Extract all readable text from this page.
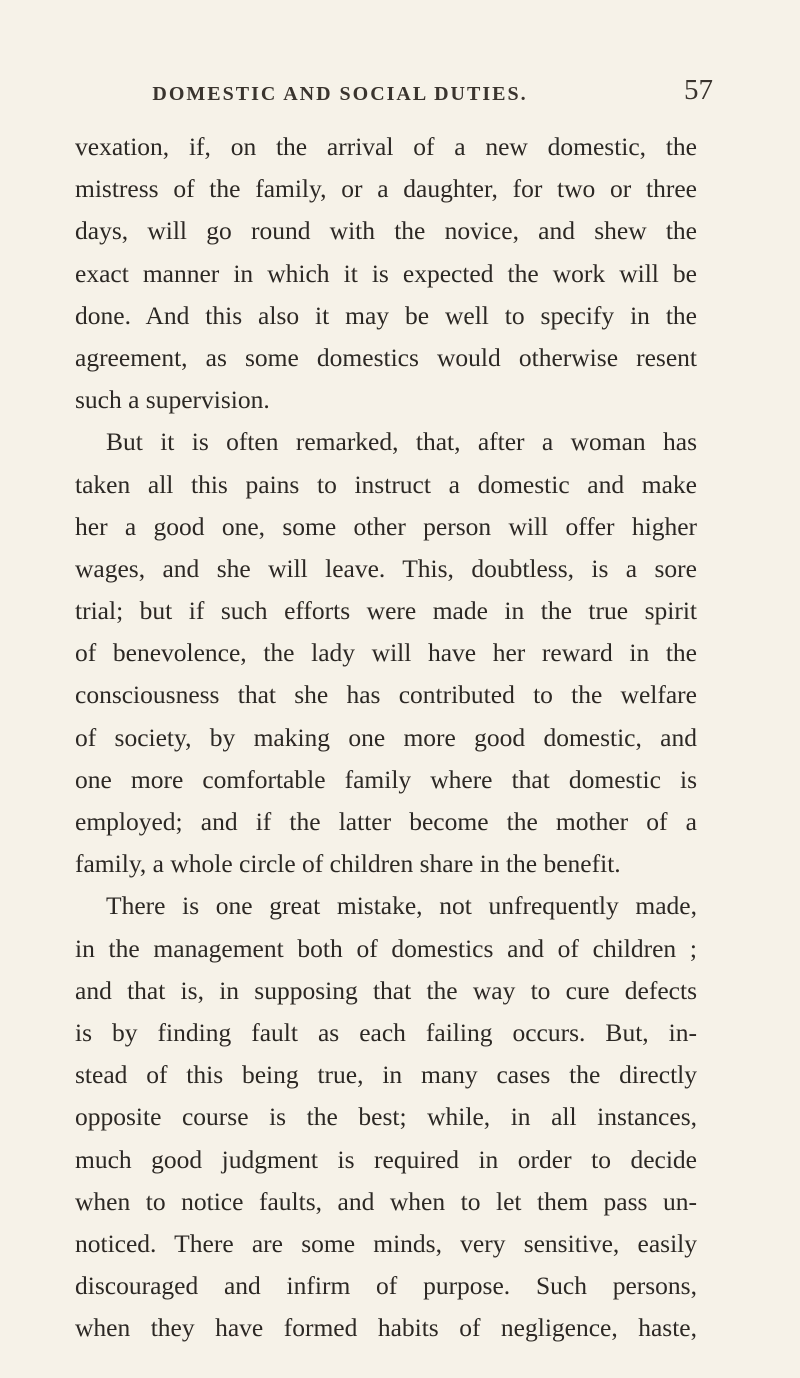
DOMESTIC AND SOCIAL DUTIES.	57
vexation, if, on the arrival of a new domestic, the
mistress of the family, or a daughter, for two or three
days, will go round with the novice, and shew the
exact manner in which it is expected the work will be
done. And this also it may be well to specify in the
agreement, as some domestics would otherwise resent
such a supervision.
But it is often remarked, that, after a woman has
taken all this pains to instruct a domestic and make
her a good one, some other person will offer higher
wages, and she will leave. This, doubtless, is a sore
trial; but if such efforts were made in the true spirit
of benevolence, the lady will have her reward in the
consciousness that she has contributed to the welfare
of society, by making one more good domestic, and
one more comfortable family where that domestic is
employed; and if the latter become the mother of a
family, a whole circle of children share in the benefit.
There is one great mistake, not unfrequently made,
in the management both of domestics and of children ;
and that is, in supposing that the way to cure defects
is by finding fault as each failing occurs. But, in-
stead of this being true, in many cases the directly
opposite course is the best; while, in all instances,
much good judgment is required in order to decide
when to notice faults, and when to let them pass un-
noticed. There are some minds, very sensitive, easily
discouraged and infirm of purpose. Such persons,
when they have formed habits of negligence, haste,
